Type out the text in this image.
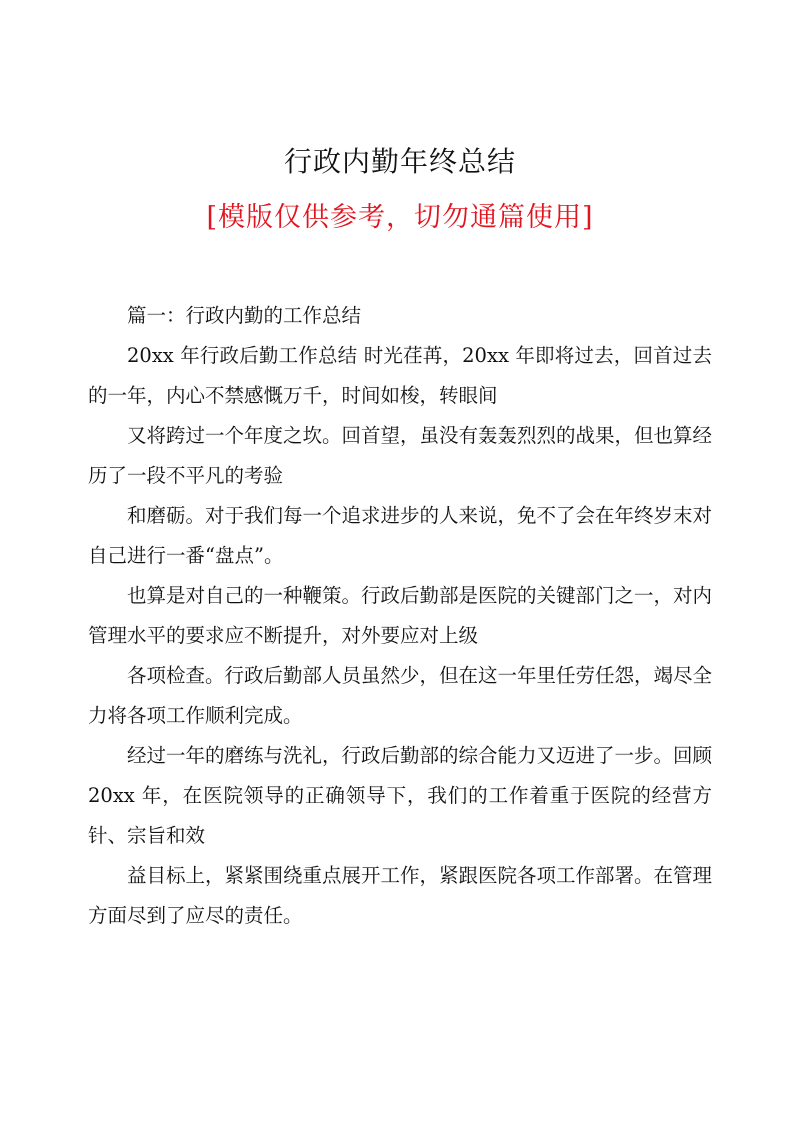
行政内勤年终总结
[模版仅供参考，切勿通篇使用]

篇一：行政内勤的工作总结

20xx 年行政后勤工作总结 时光荏苒，20xx 年即将过去，回首过去的一年，内心不禁感慨万千，时间如梭，转眼间

又将跨过一个年度之坎。回首望，虽没有轰轰烈烈的战果，但也算经历了一段不平凡的考验

和磨砺。对于我们每一个追求进步的人来说，免不了会在年终岁末对自己进行一番“盘点”。

也算是对自己的一种鞭策。行政后勤部是医院的关键部门之一，对内管理水平的要求应不断提升，对外要应对上级

各项检查。行政后勤部人员虽然少，但在这一年里任劳任怨，竭尽全力将各项工作顺利完成。

经过一年的磨练与洗礼，行政后勤部的综合能力又迈进了一步。回顾 20xx 年，在医院领导的正确领导下，我们的工作着重于医院的经营方针、宗旨和效

益目标上，紧紧围绕重点展开工作，紧跟医院各项工作部署。在管理方面尽到了应尽的责任。
